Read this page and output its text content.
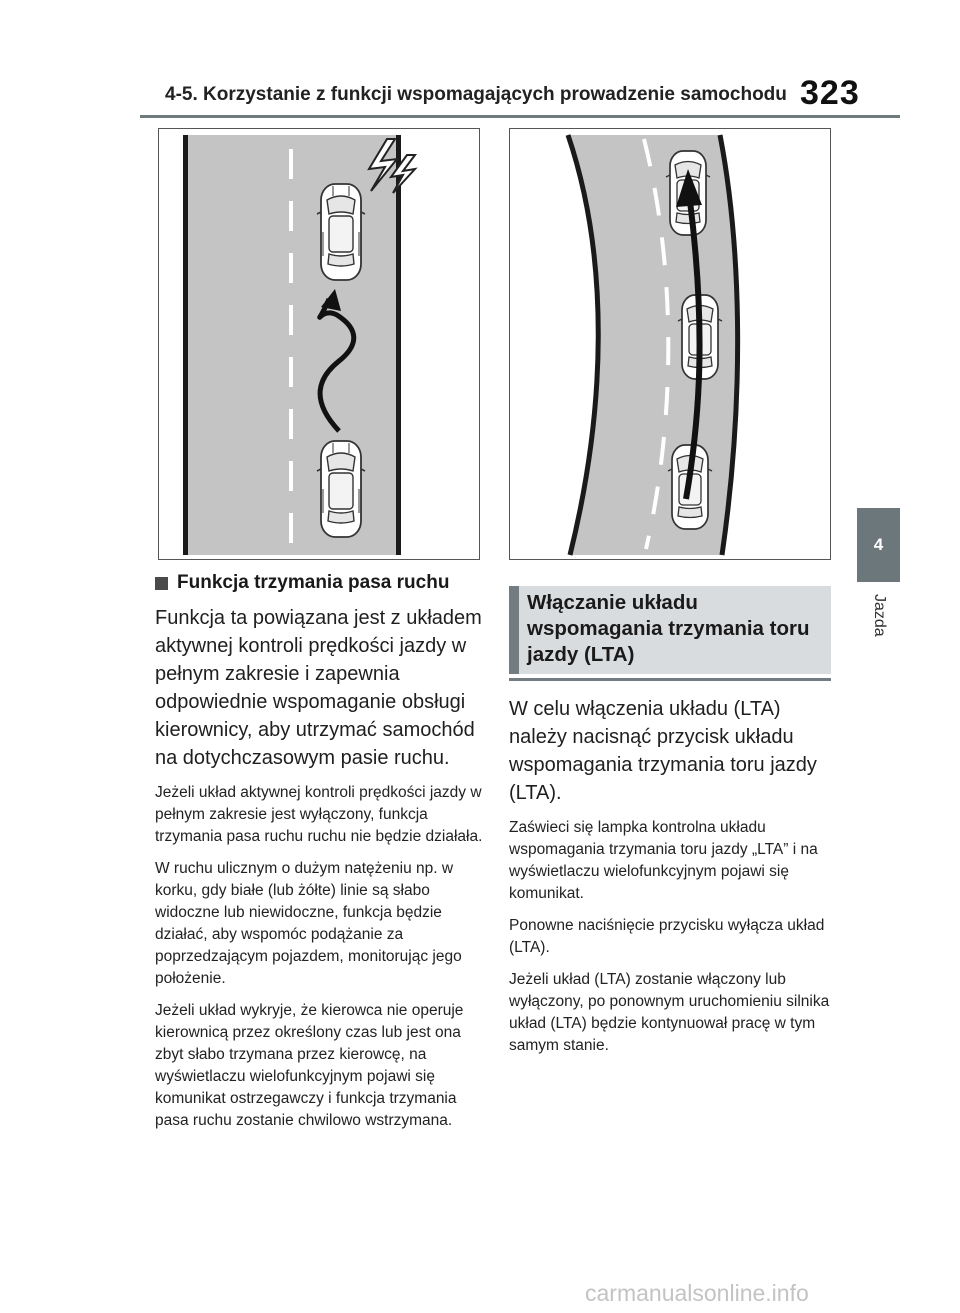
4-5. Korzystanie z funkcji wspomagających prowadzenie samochodu 323
4
Jazda
Funkcja trzymania pasa ruchu

Funkcja ta powiązana jest z układem aktywnej kontroli prędkości jazdy w pełnym zakresie i zapewnia odpowiednie wspomaganie obsługi kierownicy, aby utrzymać samochód na dotychczasowym pasie ruchu.

Jeżeli układ aktywnej kontroli prędkości jazdy w pełnym zakresie jest wyłączony, funkcja trzymania pasa ruchu ruchu nie będzie działała.

W ruchu ulicznym o dużym natężeniu np. w korku, gdy białe (lub żółte) linie są słabo widoczne lub niewidoczne, funkcja będzie działać, aby wspomóc podążanie za poprzedzającym pojazdem, monitorując jego położenie.

Jeżeli układ wykryje, że kierowca nie operuje kierownicą przez określony czas lub jest ona zbyt słabo trzymana przez kierowcę, na wyświetlaczu wielofunkcyjnym pojawi się komunikat ostrzegawczy i funkcja trzymania pasa ruchu zostanie chwilowo wstrzymana.

Włączanie układu wspomagania trzymania toru jazdy (LTA)

W celu włączenia układu (LTA) należy nacisnąć przycisk układu wspomagania trzymania toru jazdy (LTA).

Zaświeci się lampka kontrolna układu wspomagania trzymania toru jazdy „LTA” i na wyświetlaczu wielofunkcyjnym pojawi się komunikat.

Ponowne naciśnięcie przycisku wyłącza układ (LTA).

Jeżeli układ (LTA) zostanie włączony lub wyłączony, po ponownym uruchomieniu silnika układ (LTA) będzie kontynuował pracę w tym samym stanie.

carmanualsonline.info
